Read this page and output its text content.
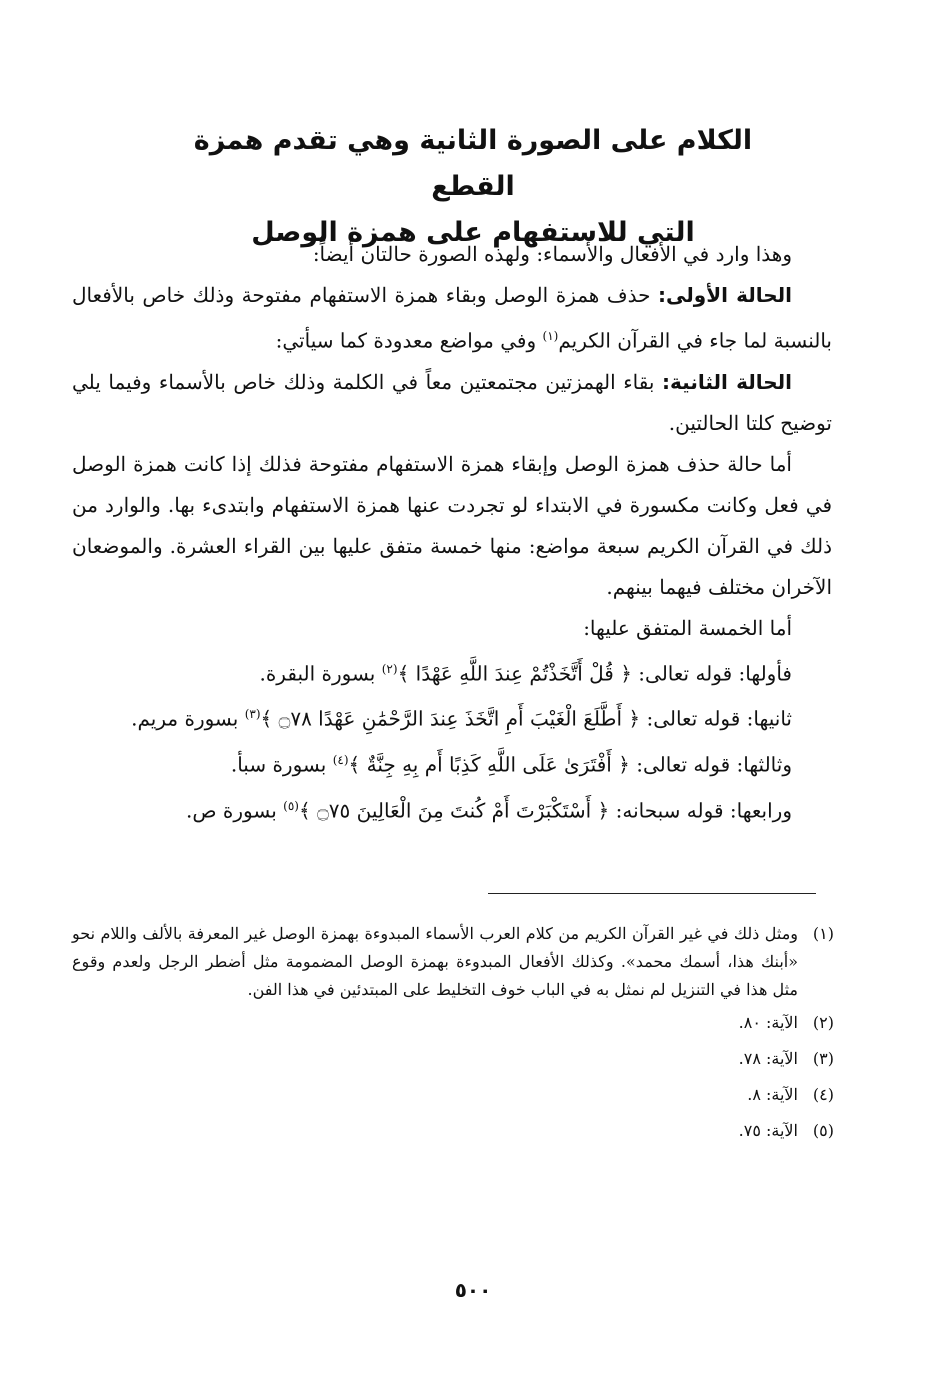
الكلام على الصورة الثانية وهي تقدم همزة القطع
التي للاستفهام على همزة الوصل

وهذا وارد في الأفعال والأسماء: ولهذه الصورة حالتان أيضاً:

الحالة الأولى: حذف همزة الوصل وبقاء همزة الاستفهام مفتوحة وذلك خاص بالأفعال بالنسبة لما جاء في القرآن الكريم$^{(١)}$ وفي مواضع معدودة كما سيأتي:

الحالة الثانية: بقاء الهمزتين مجتمعتين معاً في الكلمة وذلك خاص بالأسماء وفيما يلي توضيح كلتا الحالتين.

أما حالة حذف همزة الوصل وإبقاء همزة الاستفهام مفتوحة فذلك إذا كانت همزة الوصل في فعل وكانت مكسورة في الابتداء لو تجردت عنها همزة الاستفهام وابتدىء بها. والوارد من ذلك في القرآن الكريم سبعة مواضع: منها خمسة متفق عليها بين القراء العشرة. والموضعان الآخران مختلف فيهما بينهم.

أما الخمسة المتفق عليها:

فأولها: قوله تعالى: ﴿ قُلْ أَتَّخَذْتُمْ عِندَ اللَّهِ عَهْدًا ﴾$^{(٢)}$ بسورة البقرة.
ثانيها: قوله تعالى: ﴿ أَطَّلَعَ الْغَيْبَ أَمِ اتَّخَذَ عِندَ الرَّحْمَٰنِ عَهْدًا ۝٧٨ ﴾$^{(٣)}$ بسورة مريم.
وثالثها: قوله تعالى: ﴿ أَفْتَرَىٰ عَلَى اللَّهِ كَذِبًا أَم بِهِ جِنَّةٌ ﴾$^{(٤)}$ بسورة سبأ.
ورابعها: قوله سبحانه: ﴿ أَسْتَكْبَرْتَ أَمْ كُنتَ مِنَ الْعَالِينَ ۝٧٥ ﴾$^{(٥)}$ بسورة ص.
(١)
ومثل ذلك في غير القرآن الكريم من كلام العرب الأسماء المبدوءة بهمزة الوصل غير المعرفة بالألف واللام نحو «أبنك هذا، أسمك محمد». وكذلك الأفعال المبدوءة بهمزة الوصل المضمومة مثل أضطر الرجل ولعدم وقوع مثل هذا في التنزيل لم نمثل به في الباب خوف التخليط على المبتدئين في هذا الفن.
(٢)
الآية: ٨٠.
(٣)
الآية: ٧٨.
(٤)
الآية: ٨.
(٥)
الآية: ٧٥.
٥٠٠
